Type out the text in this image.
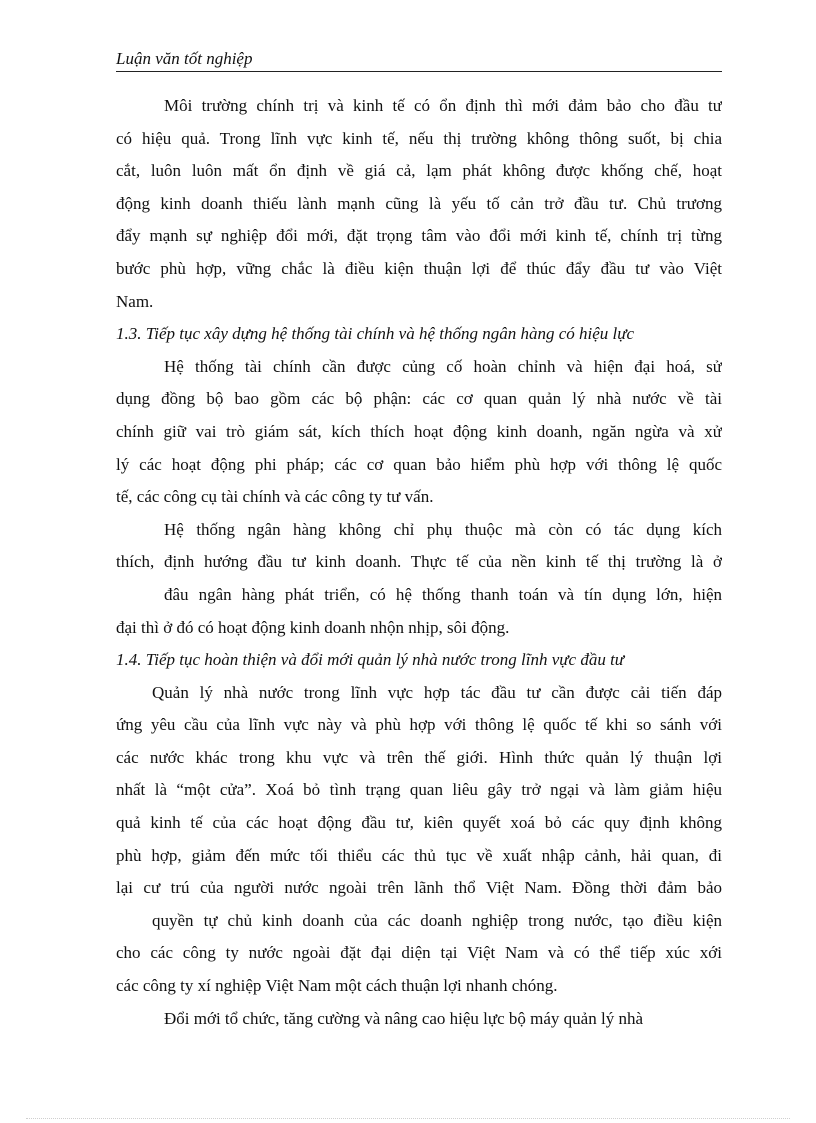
Luận văn tốt nghiệp
Môi trường chính trị và kinh tế có ổn định thì mới đảm bảo cho đầu tư
có hiệu quả. Trong lĩnh vực kinh tế, nếu thị trường không thông suốt, bị chia
cắt, luôn luôn mất ổn định về giá cả, lạm phát không được khống chế, hoạt
động kinh doanh thiếu lành mạnh cũng là yếu tố cản trở đầu tư. Chủ trương
đẩy mạnh sự nghiệp đổi mới, đặt trọng tâm vào đổi mới kinh tế, chính trị từng
bước phù hợp, vững chắc là điều kiện thuận lợi để thúc đẩy đầu tư vào Việt
Nam.
1.3. Tiếp tục xây dựng hệ thống tài chính và hệ thống ngân hàng có hiệu lực
Hệ thống tài chính cần được củng cố hoàn chỉnh và hiện đại hoá, sử
dụng đồng bộ bao gồm các bộ phận: các cơ quan quản lý nhà nước về tài
chính giữ vai trò giám sát, kích thích hoạt động kinh doanh, ngăn ngừa và xử
lý các hoạt động phi pháp; các cơ quan bảo hiểm phù hợp với thông lệ quốc
tế, các công cụ tài chính và các công ty tư vấn.
Hệ thống ngân hàng không chỉ phụ thuộc mà còn có tác dụng kích
thích, định hướng đầu tư kinh doanh. Thực tế của nền kinh tế thị trường là ở
đâu ngân hàng phát triển, có hệ thống thanh toán và tín dụng lớn, hiện
đại thì ở đó có hoạt động kinh doanh nhộn nhịp, sôi động.
1.4. Tiếp tục hoàn thiện và đổi mới quản lý nhà nước trong lĩnh vực đầu tư
Quản lý nhà nước trong lĩnh vực hợp tác đầu tư cần được cải tiến đáp
ứng yêu cầu của lĩnh vực này và phù hợp với thông lệ quốc tế khi so sánh với
các nước khác trong khu vực và trên thế giới. Hình thức quản lý thuận lợi
nhất là “một cửa”. Xoá bỏ tình trạng quan liêu gây trở ngại và làm giảm hiệu
quả kinh tế của các hoạt động đầu tư, kiên quyết xoá bỏ các quy định không
phù hợp, giảm đến mức tối thiểu các thủ tục về xuất nhập cảnh, hải quan, đi
lại cư trú của người nước ngoài trên lãnh thổ Việt Nam. Đồng thời đảm bảo
quyền tự chủ kinh doanh của các doanh nghiệp trong nước, tạo điều kiện
cho các công ty nước ngoài đặt đại diện tại Việt Nam và có thể tiếp xúc xới
các công ty xí nghiệp Việt Nam một cách thuận lợi nhanh chóng.
Đổi mới tổ chức, tăng cường và nâng cao hiệu lực bộ máy quản lý nhà
